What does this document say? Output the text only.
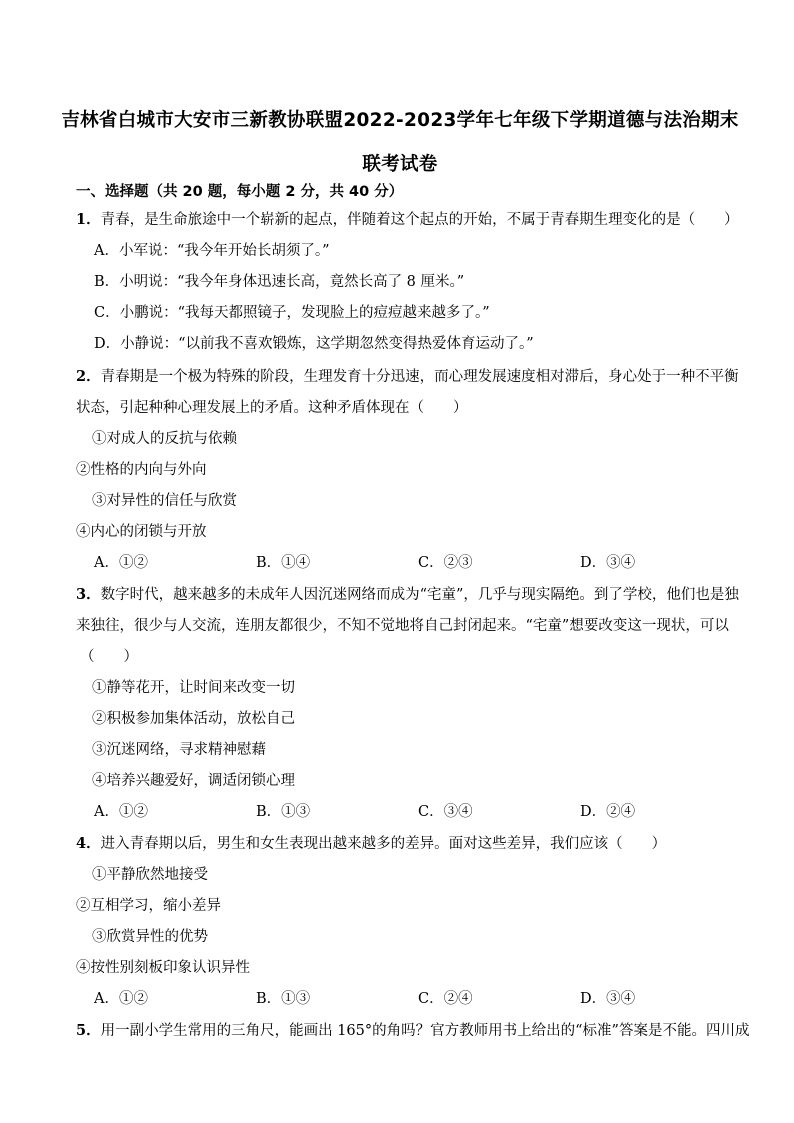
吉林省白城市大安市三新教协联盟2022-2023学年七年级下学期道德与法治期末
联考试卷
一、选择题（共 20 题，每小题 2 分，共 40 分）
1．青春，是生命旅途中一个崭新的起点，伴随着这个起点的开始，不属于青春期生理变化的是（　　）
A．小军说：“我今年开始长胡须了。”
B．小明说：“我今年身体迅速长高，竟然长高了 8 厘米。”
C．小鹏说：“我每天都照镜子，发现脸上的痘痘越来越多了。”
D．小静说：“以前我不喜欢锻炼，这学期忽然变得热爱体育运动了。”
2．青春期是一个极为特殊的阶段，生理发育十分迅速，而心理发展速度相对滞后，身心处于一种不平衡
状态，引起种种心理发展上的矛盾。这种矛盾体现在（　　）
①对成人的反抗与依赖
②性格的内向与外向
③对异性的信任与欣赏
④内心的闭锁与开放
A．①②	B．①④	C．②③	D．③④
3．数字时代，越来越多的未成年人因沉迷网络而成为“宅童”，几乎与现实隔绝。到了学校，他们也是独
来独往，很少与人交流，连朋友都很少，不知不觉地将自己封闭起来。“宅童”想要改变这一现状，可以
（　　）
①静等花开，让时间来改变一切
②积极参加集体活动，放松自己
③沉迷网络，寻求精神慰藉
④培养兴趣爱好，调适闭锁心理
A．①②	B．①③	C．③④	D．②④
4．进入青春期以后，男生和女生表现出越来越多的差异。面对这些差异，我们应该（　　）
①平静欣然地接受
②互相学习，缩小差异
③欣赏异性的优势
④按性别刻板印象认识异性
A．①②	B．①③	C．②④	D．③④
5．用一副小学生常用的三角尺，能画出 165°的角吗？官方教师用书上给出的“标准”答案是不能。四川成
